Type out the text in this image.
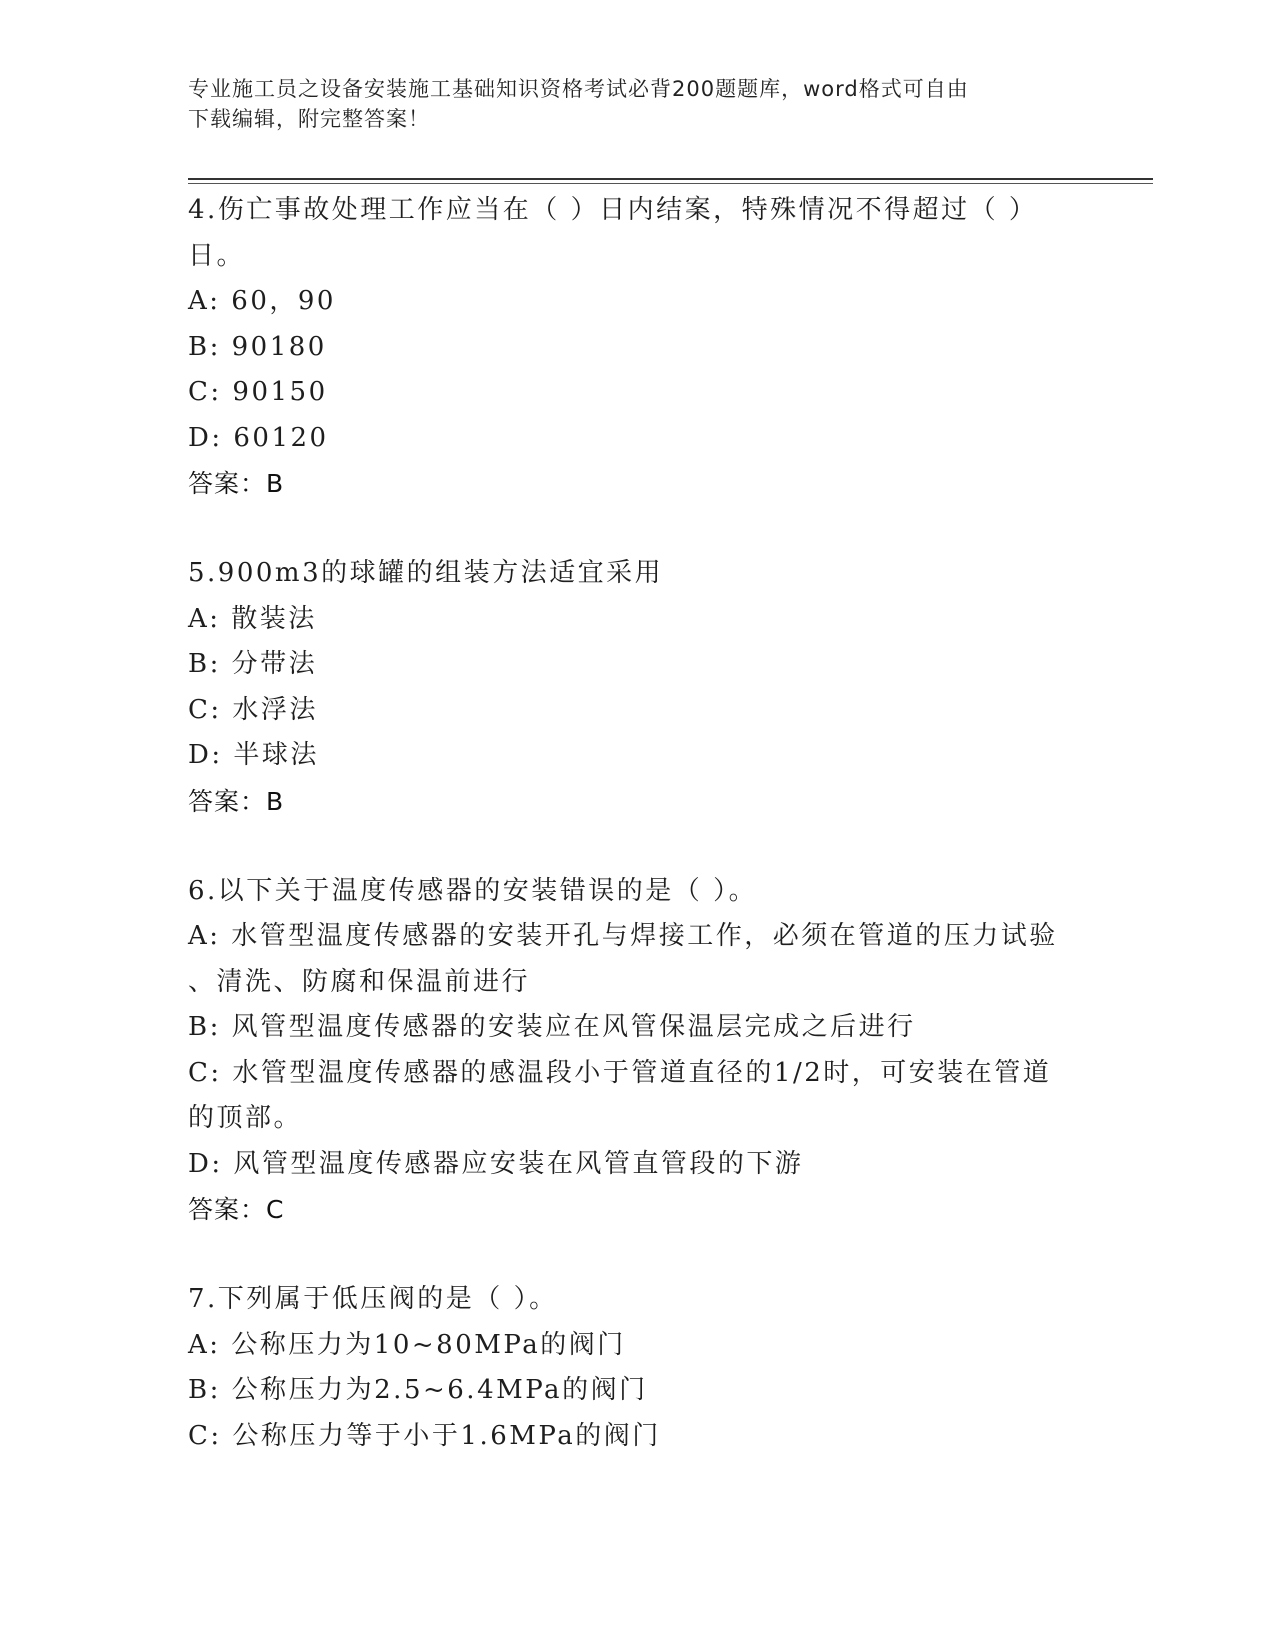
专业施工员之设备安装施工基础知识资格考试必背200题题库，word格式可自由
下载编辑，附完整答案！
4.伤亡事故处理工作应当在（ ）日内结案，特殊情况不得超过（ ）
日。
A: 60，90
B: 90180
C: 90150
D: 60120
答案：B
5.900m3的球罐的组装方法适宜采用
A: 散装法
B: 分带法
C: 水浮法
D: 半球法
答案：B
6.以下关于温度传感器的安装错误的是（ ）。
A: 水管型温度传感器的安装开孔与焊接工作，必须在管道的压力试验
、清洗、防腐和保温前进行
B: 风管型温度传感器的安装应在风管保温层完成之后进行
C: 水管型温度传感器的感温段小于管道直径的1/2时，可安装在管道
的顶部。
D: 风管型温度传感器应安装在风管直管段的下游
答案：C
7.下列属于低压阀的是（ ）。
A: 公称压力为10~80MPa的阀门
B: 公称压力为2.5~6.4MPa的阀门
C: 公称压力等于小于1.6MPa的阀门
